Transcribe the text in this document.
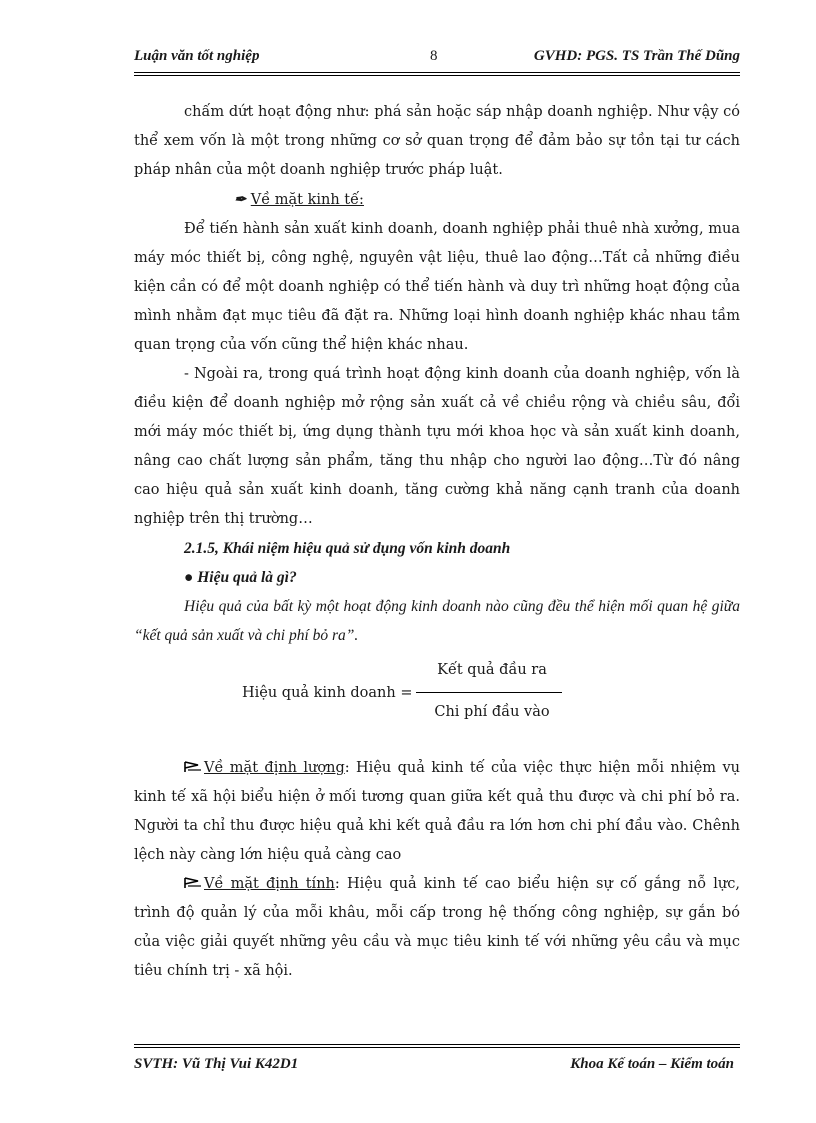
Luận văn tốt nghiệp	8	GVHD: PGS. TS Trần Thế Dũng

chấm dứt hoạt động như: phá sản hoặc sáp nhập doanh nghiệp. Như vậy có thể xem vốn là một trong những cơ sở quan trọng để đảm bảo sự tồn tại tư cách pháp nhân của một doanh nghiệp trước pháp luật.

✒ Về mặt kinh tế:

Để tiến hành sản xuất kinh doanh, doanh nghiệp phải thuê nhà xưởng, mua máy móc thiết bị, công nghệ, nguyên vật liệu, thuê lao động…Tất cả những điều kiện cần có để một doanh nghiệp có thể tiến hành và duy trì những hoạt động của mình nhằm đạt mục tiêu đã đặt ra. Những loại hình doanh nghiệp khác nhau tầm quan trọng của vốn cũng thể hiện khác nhau.

- Ngoài ra, trong quá trình hoạt động kinh doanh của doanh nghiệp, vốn là điều kiện để doanh nghiệp mở rộng sản xuất cả về chiều rộng và chiều sâu, đổi mới máy móc thiết bị, ứng dụng thành tựu mới khoa học và sản xuất kinh doanh, nâng cao chất lượng sản phẩm, tăng thu nhập cho người lao động…Từ đó nâng cao hiệu quả sản xuất kinh doanh, tăng cường khả năng cạnh tranh của doanh nghiệp trên thị trường…

2.1.5, Khái niệm hiệu quả sử dụng vốn kinh doanh

● Hiệu quả là gì?

Hiệu quả của bất kỳ một hoạt động kinh doanh nào cũng đều thể hiện mối quan hệ giữa “kết quả sản xuất và chi phí bỏ ra”.

Hiệu quả kinh doanh =
Kết quả đầu ra
Chi phí đầu vào

Về mặt định lượng: Hiệu quả kinh tế của việc thực hiện mỗi nhiệm vụ kinh tế xã hội biểu hiện ở mối tương quan giữa kết quả thu được và chi phí bỏ ra. Người ta chỉ thu được hiệu quả khi kết quả đầu ra lớn hơn chi phí đầu vào. Chênh lệch này càng lớn hiệu quả càng cao

Về mặt định tính: Hiệu quả kinh tế cao biểu hiện sự cố gắng nỗ lực, trình độ quản lý của mỗi khâu, mỗi cấp trong hệ thống công nghiệp, sự gắn bó của việc giải quyết những yêu cầu và mục tiêu kinh tế với những yêu cầu và mục tiêu chính trị - xã hội.

SVTH: Vũ Thị Vui K42D1	Khoa Kế toán – Kiểm toán
